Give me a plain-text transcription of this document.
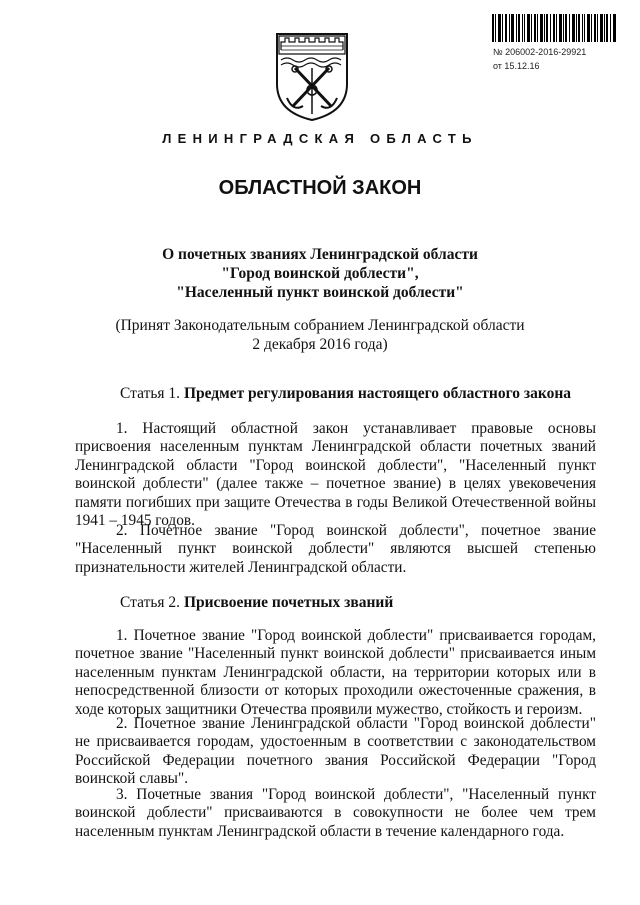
№ 206002-2016-29921
от 15.12.16
ЛЕНИНГРАДСКАЯ ОБЛАСТЬ
ОБЛАСТНОЙ ЗАКОН
О почетных званиях Ленинградской области
"Город воинской доблести",
"Населенный пункт воинской доблести"
(Принят Законодательным собранием Ленинградской области
2 декабря 2016 года)
Статья 1. Предмет регулирования настоящего областного закона

1. Настоящий областной закон устанавливает правовые основы присвоения населенным пунктам Ленинградской области почетных званий Ленинградской области "Город воинской доблести", "Населенный пункт воинской доблести" (далее также – почетное звание) в целях увековечения памяти погибших при защите Отечества в годы Великой Отечественной войны 1941 – 1945 годов.

2. Почетное звание "Город воинской доблести", почетное звание "Населенный пункт воинской доблести" являются высшей степенью признательности жителей Ленинградской области.

Статья 2. Присвоение почетных званий

1. Почетное звание "Город воинской доблести" присваивается городам, почетное звание "Населенный пункт воинской доблести" присваивается иным населенным пунктам Ленинградской области, на территории которых или в непосредственной близости от которых проходили ожесточенные сражения, в ходе которых защитники Отечества проявили мужество, стойкость и героизм.

2. Почетное звание Ленинградской области "Город воинской доблести" не присваивается городам, удостоенным в соответствии с законодательством Российской Федерации почетного звания Российской Федерации "Город воинской славы".

3. Почетные звания "Город воинской доблести", "Населенный пункт воинской доблести" присваиваются в совокупности не более чем трем населенным пунктам Ленинградской области в течение календарного года.
